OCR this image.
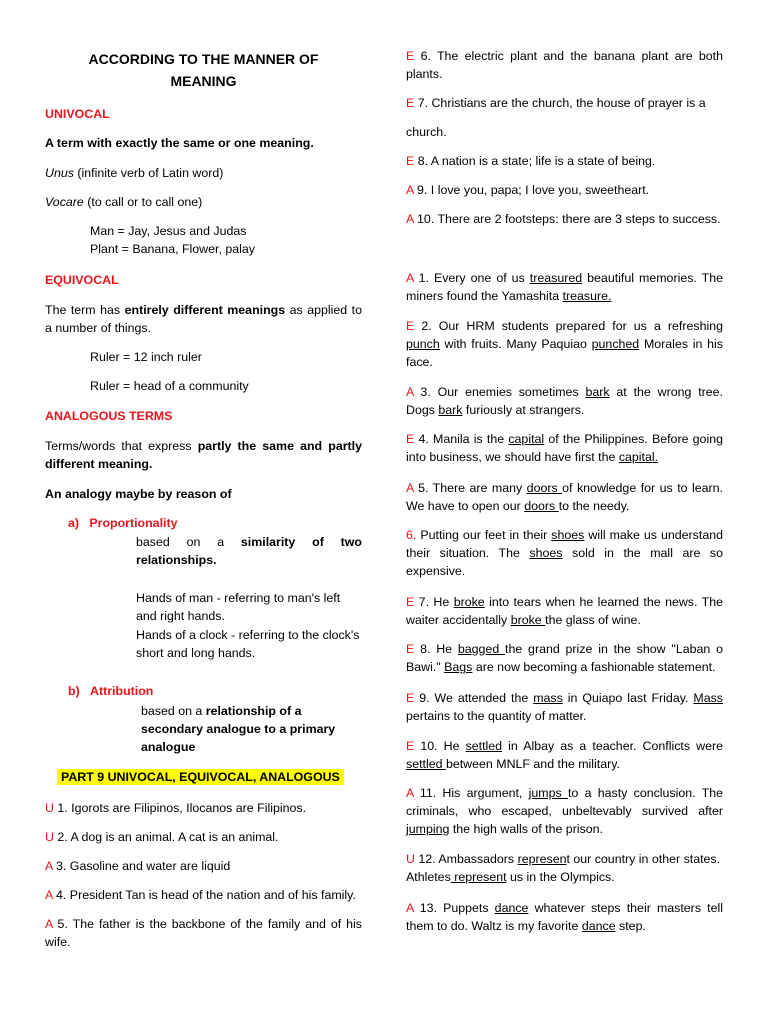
ACCORDING TO THE MANNER OF
MEANING

UNIVOCAL

A term with exactly the same or one meaning.

Unus (infinite verb of Latin word)

Vocare (to call or to call one)

Man = Jay, Jesus and Judas

Plant = Banana, Flower, palay

EQUIVOCAL

The term has entirely different meanings as applied to a number of things.

Ruler = 12 inch ruler

Ruler = head of a community

ANALOGOUS TERMS

Terms/words that express partly the same and partly different meaning.

An analogy maybe by reason of

a) Proportionality

based on a similarity of two relationships.

Hands of man - referring to man's left and right hands.

Hands of a clock - referring to the clock's short and long hands.

b) Attribution

based on a relationship of a secondary analogue to a primary analogue

PART 9 UNIVOCAL, EQUIVOCAL, ANALOGOUS

U 1. Igorots are Filipinos, Ilocanos are Filipinos.

U 2. A dog is an animal. A cat is an animal.

A 3. Gasoline and water are liquid

A 4. President Tan is head of the nation and of his family.

A 5. The father is the backbone of the family and of his wife.

E 6. The electric plant and the banana plant are both plants.

E 7. Christians are the church, the house of prayer is a

church.

E 8. A nation is a state; life is a state of being.

A 9. I love you, papa; I love you, sweetheart.

A 10. There are 2 footsteps: there are 3 steps to success.

A 1. Every one of us treasured beautiful memories. The miners found the Yamashita treasure.

E 2. Our HRM students prepared for us a refreshing punch with fruits. Many Paquiao punched Morales in his face.

A 3. Our enemies sometimes bark at the wrong tree. Dogs bark furiously at strangers.

E 4. Manila is the capital of the Philippines. Before going into business, we should have first the capital.

A 5. There are many doors of knowledge for us to learn. We have to open our doors to the needy.

6. Putting our feet in their shoes will make us understand their situation. The shoes sold in the mall are so expensive.

E 7. He broke into tears when he learned the news. The waiter accidentally broke the glass of wine.

E 8. He bagged the grand prize in the show "Laban o Bawi." Bags are now becoming a fashionable statement.

E 9. We attended the mass in Quiapo last Friday. Mass pertains to the quantity of matter.

E 10. He settled in Albay as a teacher. Conflicts were settled between MNLF and the military.

A 11. His argument, jumps to a hasty conclusion. The criminals, who escaped, unbeltevably survived after jumping the high walls of the prison.

U 12. Ambassadors represent our country in other states. Athletes represent us in the Olympics.

A 13. Puppets dance whatever steps their masters tell them to do. Waltz is my favorite dance step.
